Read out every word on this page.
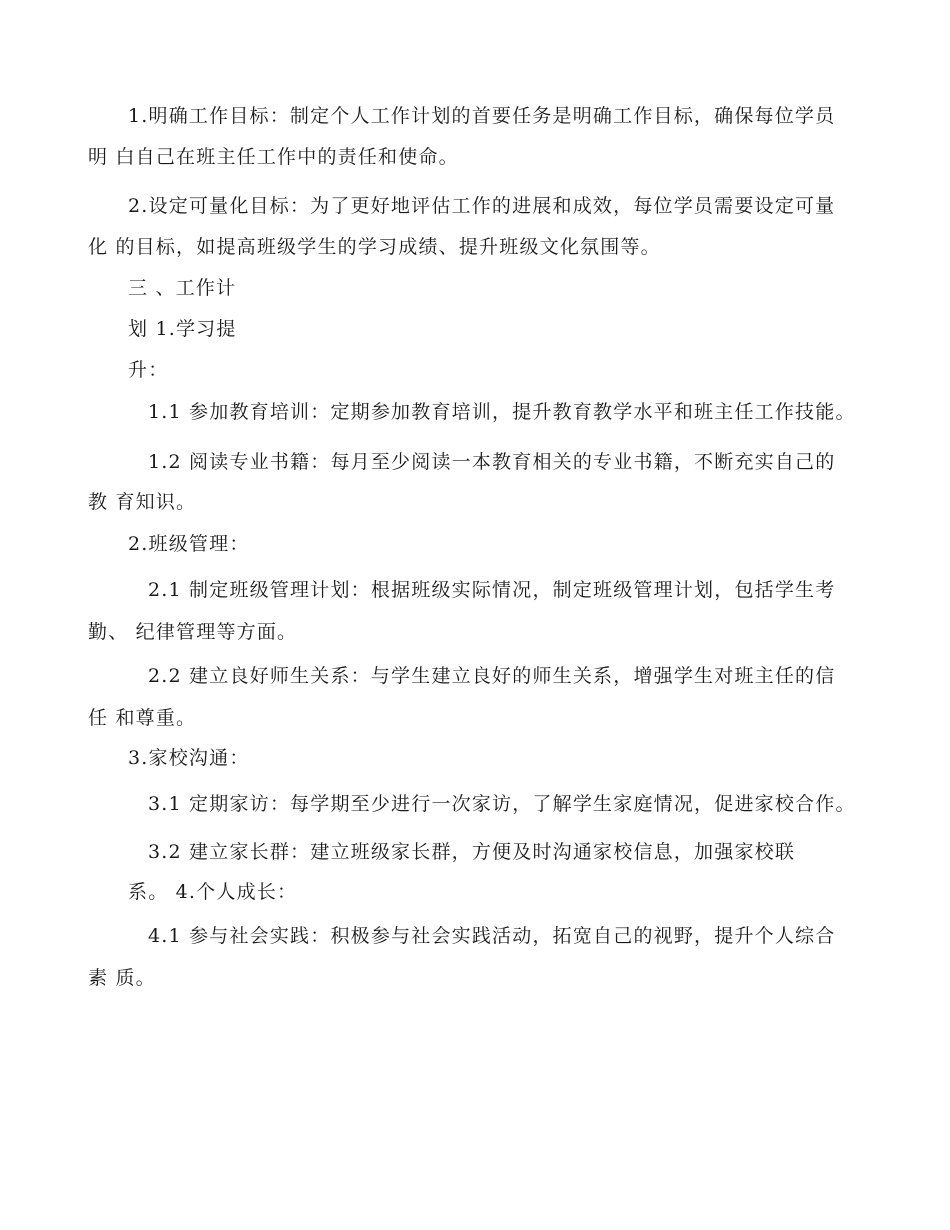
1.明确工作目标：制定个人工作计划的首要任务是明确工作目标，确保每位学员
明 白自己在班主任工作中的责任和使命。
2.设定可量化目标：为了更好地评估工作的进展和成效，每位学员需要设定可量
化 的目标，如提高班级学生的学习成绩、提升班级文化氛围等。
三 、工作计
划 1.学习提
升：
1.1 参加教育培训：定期参加教育培训，提升教育教学水平和班主任工作技能。
1.2 阅读专业书籍：每月至少阅读一本教育相关的专业书籍，不断充实自己的
教 育知识。
2.班级管理：
2.1 制定班级管理计划：根据班级实际情况，制定班级管理计划，包括学生考
勤、 纪律管理等方面。
2.2 建立良好师生关系：与学生建立良好的师生关系，增强学生对班主任的信
任 和尊重。
3.家校沟通：
3.1 定期家访：每学期至少进行一次家访，了解学生家庭情况，促进家校合作。
3.2 建立家长群：建立班级家长群，方便及时沟通家校信息，加强家校联
系。 4.个人成长：
4.1 参与社会实践：积极参与社会实践活动，拓宽自己的视野，提升个人综合
素 质。
